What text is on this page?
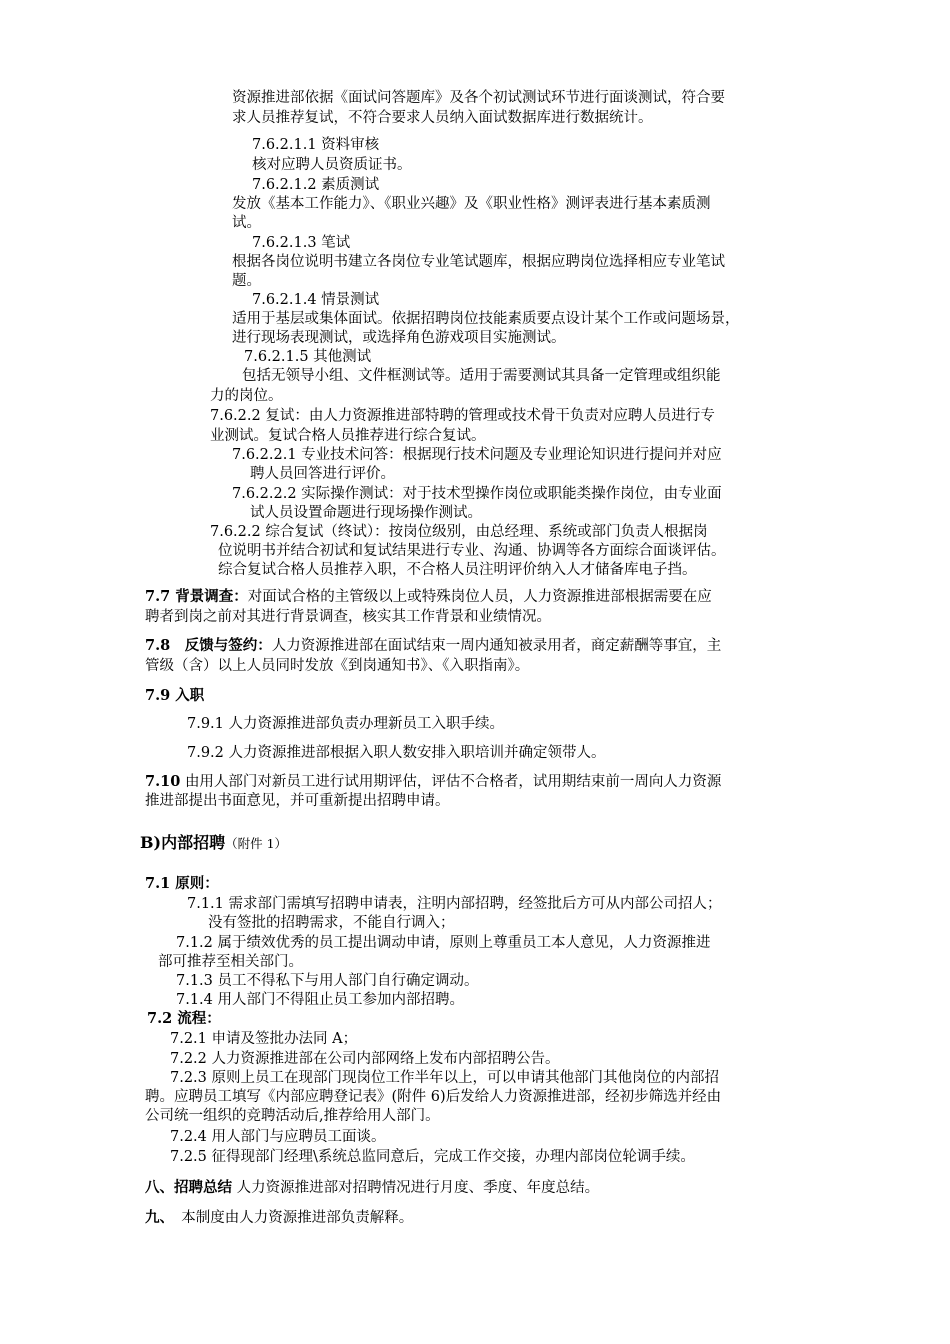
资源推进部依据《面试问答题库》及各个初试测试环节进行面谈测试，符合要
求人员推荐复试，不符合要求人员纳入面试数据库进行数据统计。
7.6.2.1.1 资料审核
核对应聘人员资质证书。
7.6.2.1.2 素质测试
发放《基本工作能力》、《职业兴趣》及《职业性格》测评表进行基本素质测
试。
7.6.2.1.3 笔试
根据各岗位说明书建立各岗位专业笔试题库，根据应聘岗位选择相应专业笔试
题。
7.6.2.1.4 情景测试
适用于基层或集体面试。依据招聘岗位技能素质要点设计某个工作或问题场景，
进行现场表现测试，或选择角色游戏项目实施测试。
7.6.2.1.5 其他测试
包括无领导小组、文件框测试等。适用于需要测试其具备一定管理或组织能
力的岗位。
7.6.2.2 复试：由人力资源推进部特聘的管理或技术骨干负责对应聘人员进行专
业测试。复试合格人员推荐进行综合复试。
7.6.2.2.1 专业技术问答：根据现行技术问题及专业理论知识进行提问并对应
聘人员回答进行评价。
7.6.2.2.2 实际操作测试：对于技术型操作岗位或职能类操作岗位，由专业面
试人员设置命题进行现场操作测试。
7.6.2.2 综合复试（终试）：按岗位级别，由总经理、系统或部门负责人根据岗
位说明书并结合初试和复试结果进行专业、沟通、协调等各方面综合面谈评估。
综合复试合格人员推荐入职，不合格人员注明评价纳入人才储备库电子挡。
7.7 背景调查：对面试合格的主管级以上或特殊岗位人员，人力资源推进部根据需要在应
聘者到岗之前对其进行背景调查，核实其工作背景和业绩情况。
7.8　反馈与签约：人力资源推进部在面试结束一周内通知被录用者，商定薪酬等事宜，主
管级（含）以上人员同时发放《到岗通知书》、《入职指南》。
7.9 入职
7.9.1 人力资源推进部负责办理新员工入职手续。
7.9.2 人力资源推进部根据入职人数安排入职培训并确定领带人。
7.10 由用人部门对新员工进行试用期评估，评估不合格者，试用期结束前一周向人力资源
推进部提出书面意见，并可重新提出招聘申请。
B)内部招聘（附件 1）
7.1 原则：
7.1.1 需求部门需填写招聘申请表，注明内部招聘，经签批后方可从内部公司招人；
没有签批的招聘需求，不能自行调入；
7.1.2 属于绩效优秀的员工提出调动申请，原则上尊重员工本人意见，人力资源推进
部可推荐至相关部门。
7.1.3 员工不得私下与用人部门自行确定调动。
7.1.4 用人部门不得阻止员工参加内部招聘。
7.2 流程：
7.2.1 申请及签批办法同 A；
7.2.2 人力资源推进部在公司内部网络上发布内部招聘公告。
7.2.3 原则上员工在现部门现岗位工作半年以上，可以申请其他部门其他岗位的内部招
聘。应聘员工填写《内部应聘登记表》(附件 6)后发给人力资源推进部，经初步筛选并经由
公司统一组织的竞聘活动后,推荐给用人部门。
7.2.4 用人部门与应聘员工面谈。
7.2.5 征得现部门经理\系统总监同意后，完成工作交接，办理内部岗位轮调手续。
八、招聘总结 人力资源推进部对招聘情况进行月度、季度、年度总结。
九、　 本制度由人力资源推进部负责解释。
